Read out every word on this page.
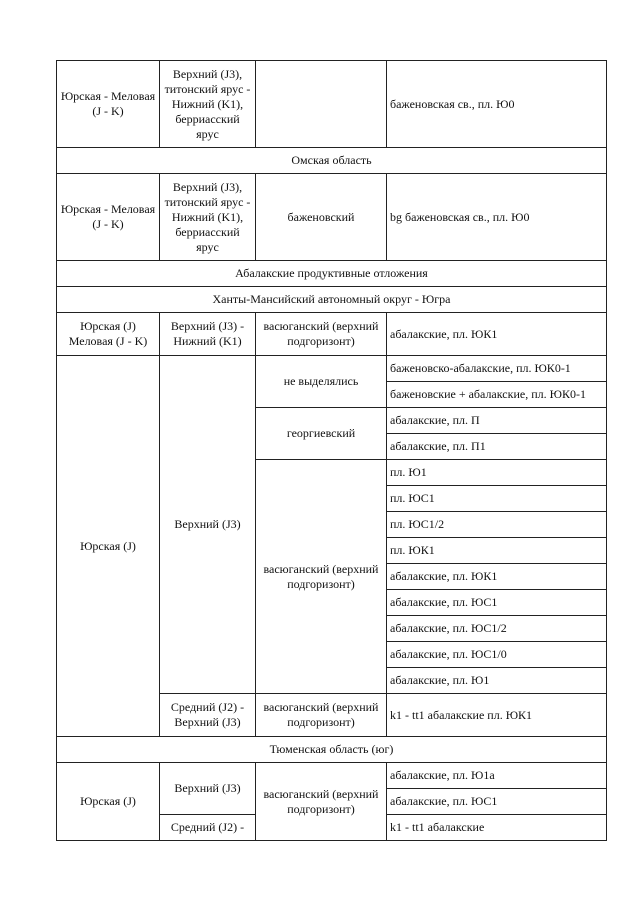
Юрская - Меловая (J - K)	Верхний (J3), титонский ярус - Нижний (K1), берриасский ярус		баженовская св., пл. Ю0
Омская область			
Юрская - Меловая (J - K)	Верхний (J3), титонский ярус - Нижний (K1), берриасский ярус	баженовский	bg баженовская св., пл. Ю0
Абалакские продуктивные отложения			
Ханты-Мансийский автономный округ - Югра			
Юрская (J) Меловая (J - K)	Верхний (J3) - Нижний (K1)	васюганский (верхний подгоризонт)	абалакские, пл. ЮК1
Юрская (J)	Верхний (J3)	не выделялись	баженовско-абалакские, пл. ЮК0-1
			баженовские + абалакские, пл. ЮК0-1
		георгиевский	абалакские, пл. П
			абалакские, пл. П1
		васюганский (верхний подгоризонт)	пл. Ю1
			пл. ЮС1
			пл. ЮС1/2
			пл. ЮК1
			абалакские, пл. ЮК1
			абалакские, пл. ЮС1
			абалакские, пл. ЮС1/2
			абалакские, пл. ЮС1/0
			абалакские, пл. Ю1
	Средний (J2) - Верхний (J3)	васюганский (верхний подгоризонт)	k1 - tt1 абалакские пл. ЮК1
Тюменская область (юг)			
Юрская (J)	Верхний (J3)	васюганский (верхний подгоризонт)	абалакские, пл. Ю1а
			абалакские, пл. ЮС1
	Средний (J2) -		k1 - tt1 абалакские
